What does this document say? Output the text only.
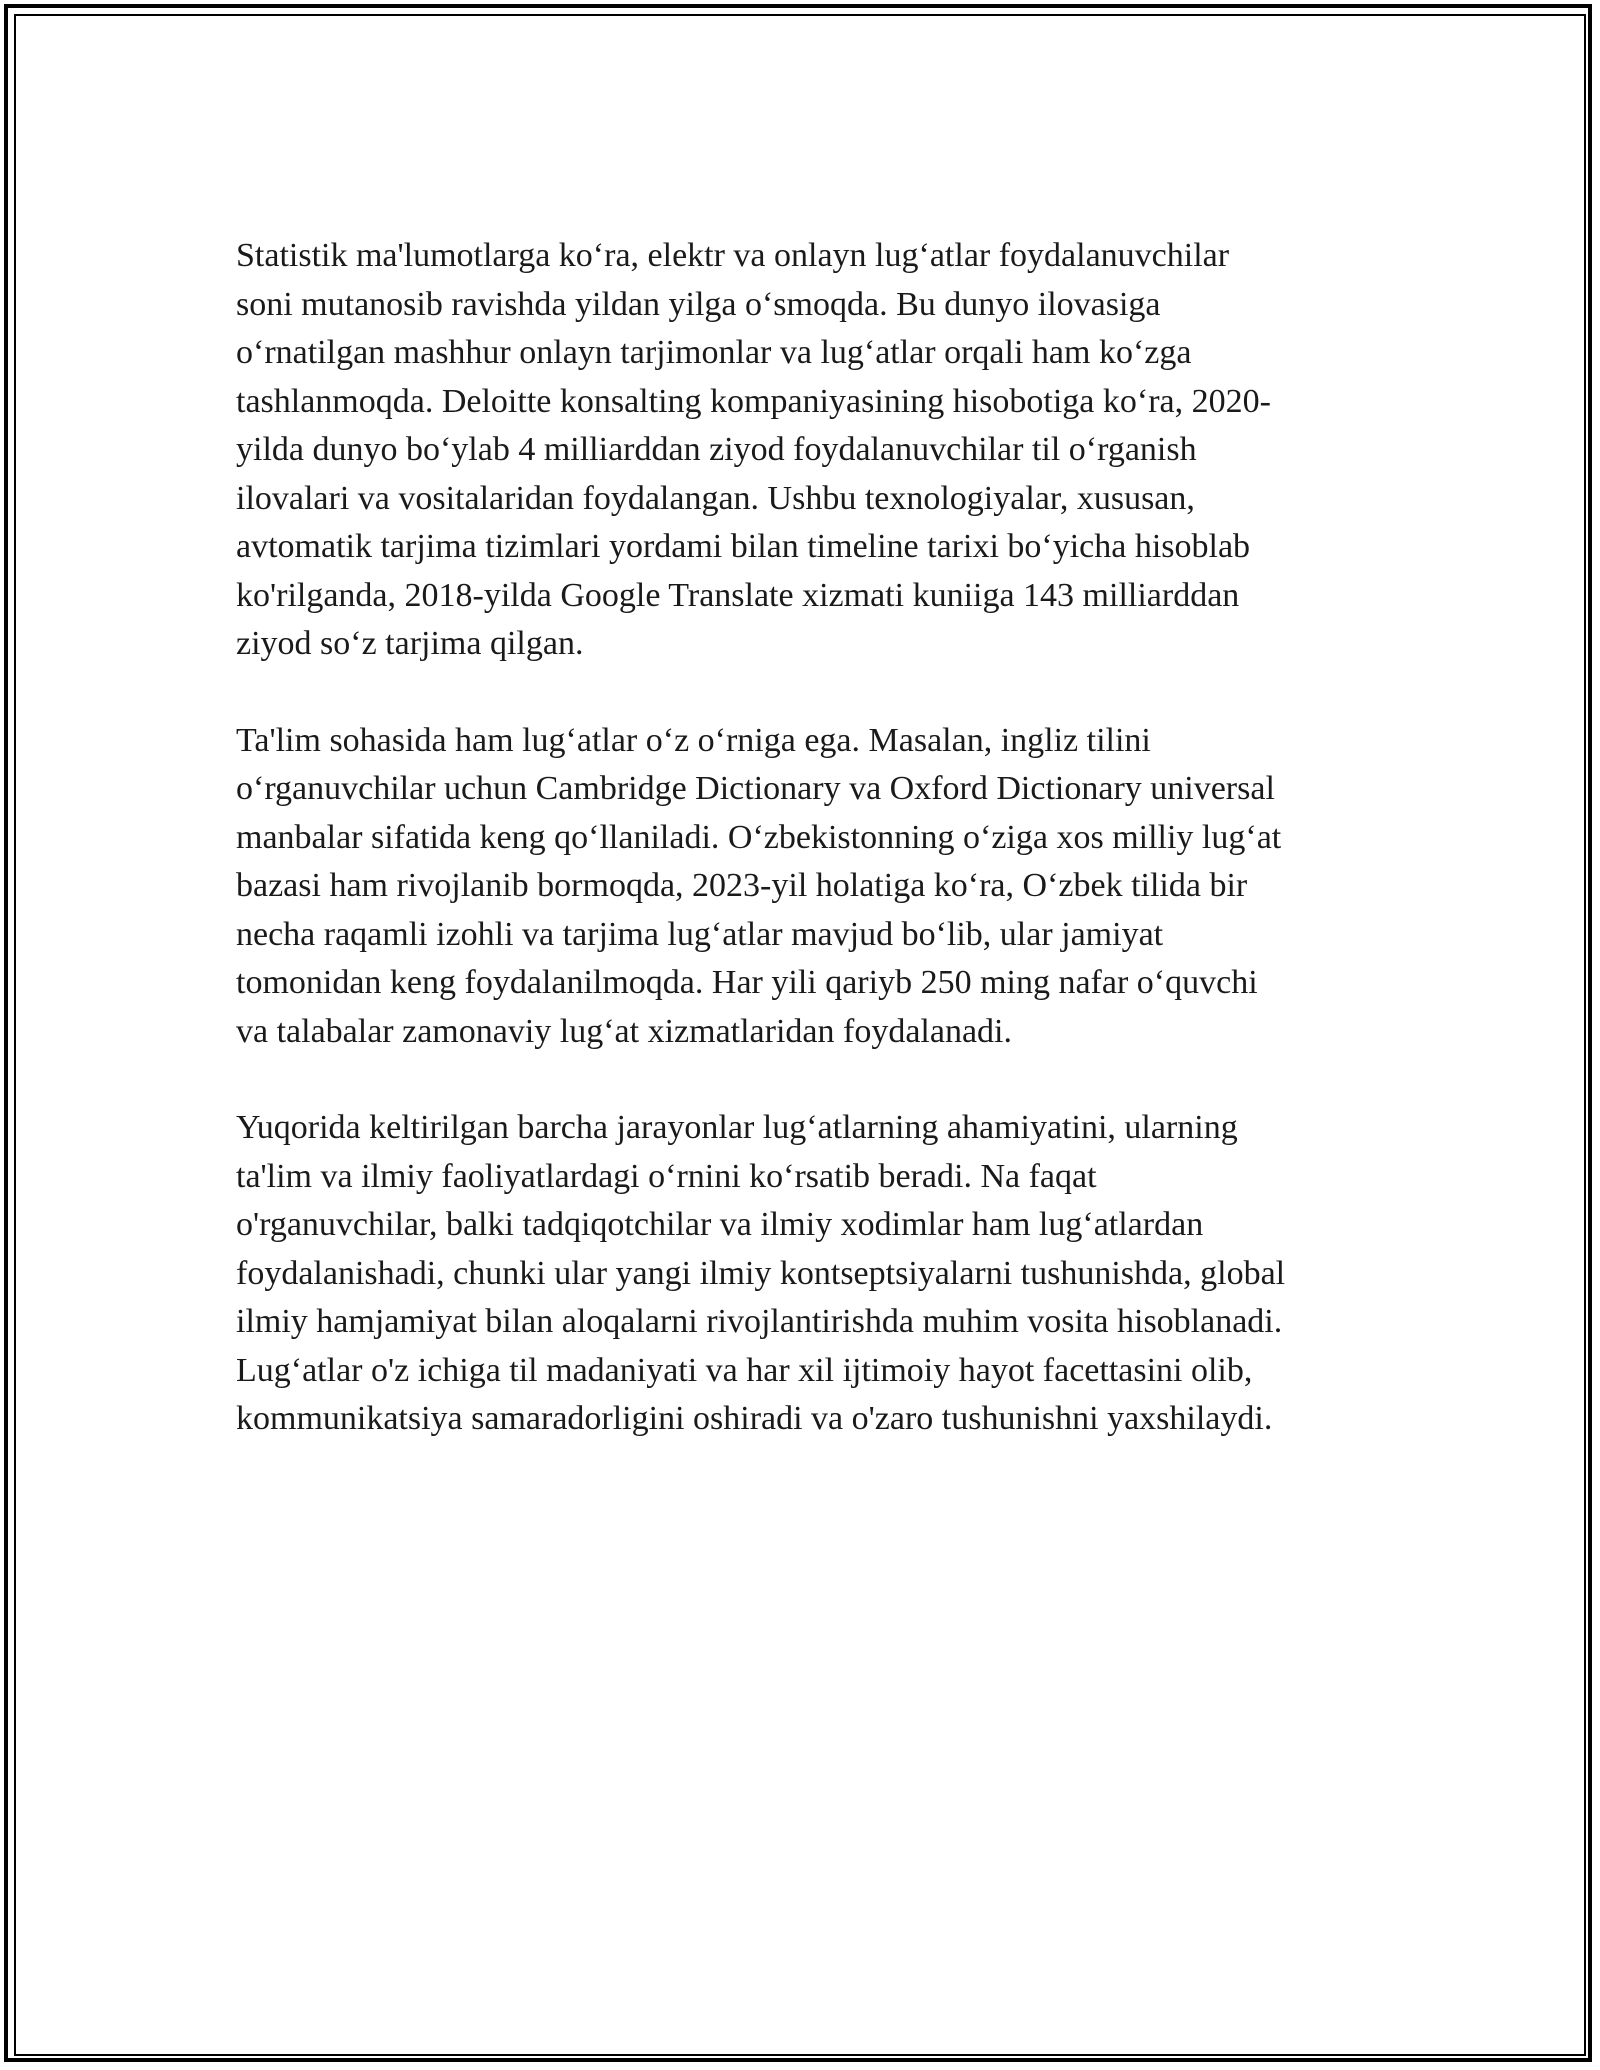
Statistik ma'lumotlarga ko‘ra, elektr va onlayn lug‘atlar foydalanuvchilar
soni mutanosib ravishda yildan yilga o‘smoqda. Bu dunyo ilovasiga
o‘rnatilgan mashhur onlayn tarjimonlar va lug‘atlar orqali ham ko‘zga
tashlanmoqda. Deloitte konsalting kompaniyasining hisobotiga ko‘ra, 2020-
yilda dunyo bo‘ylab 4 milliarddan ziyod foydalanuvchilar til o‘rganish
ilovalari va vositalaridan foydalangan. Ushbu texnologiyalar, xususan,
avtomatik tarjima tizimlari yordami bilan timeline tarixi bo‘yicha hisoblab
ko'rilganda, 2018-yilda Google Translate xizmati kuniiga 143 milliarddan
ziyod so‘z tarjima qilgan.

Ta'lim sohasida ham lug‘atlar o‘z o‘rniga ega. Masalan, ingliz tilini
o‘rganuvchilar uchun Cambridge Dictionary va Oxford Dictionary universal
manbalar sifatida keng qo‘llaniladi. O‘zbekistonning o‘ziga xos milliy lug‘at
bazasi ham rivojlanib bormoqda, 2023-yil holatiga ko‘ra, O‘zbek tilida bir
necha raqamli izohli va tarjima lug‘atlar mavjud bo‘lib, ular jamiyat
tomonidan keng foydalanilmoqda. Har yili qariyb 250 ming nafar o‘quvchi
va talabalar zamonaviy lug‘at xizmatlaridan foydalanadi.

Yuqorida keltirilgan barcha jarayonlar lug‘atlarning ahamiyatini, ularning
ta'lim va ilmiy faoliyatlardagi o‘rnini ko‘rsatib beradi. Na faqat
o'rganuvchilar, balki tadqiqotchilar va ilmiy xodimlar ham lug‘atlardan
foydalanishadi, chunki ular yangi ilmiy kontseptsiyalarni tushunishda, global
ilmiy hamjamiyat bilan aloqalarni rivojlantirishda muhim vosita hisoblanadi.
Lug‘atlar o'z ichiga til madaniyati va har xil ijtimoiy hayot facettasini olib,
kommunikatsiya samaradorligini oshiradi va o'zaro tushunishni yaxshilaydi.
